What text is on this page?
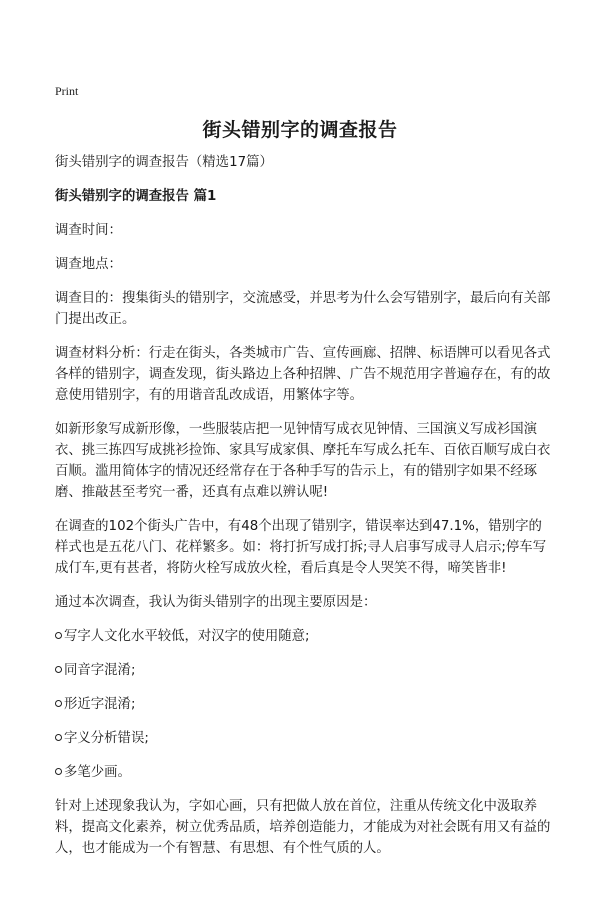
Print
街头错别字的调查报告

街头错别字的调查报告（精选17篇）

街头错别字的调查报告 篇1

调查时间：

调查地点：

调查目的：搜集街头的错别字，交流感受，并思考为什么会写错别字，最后向有关部门提出改正。

调查材料分析：行走在街头，各类城市广告、宣传画廊、招牌、标语牌可以看见各式各样的错别字，调查发现，街头路边上各种招牌、广告不规范用字普遍存在，有的故意使用错别字，有的用谐音乱改成语，用繁体字等。

如新形象写成新形像，一些服装店把一见钟情写成衣见钟情、三国演义写成衫国演衣、挑三拣四写成挑衫捡饰、家具写成家俱、摩托车写成么托车、百依百顺写成白衣百顺。滥用简体字的情况还经常存在于各种手写的告示上，有的错别字如果不经琢磨、推敲甚至考究一番，还真有点难以辨认呢!

在调查的102个街头广告中，有48个出现了错别字，错误率达到47.1%，错别字的样式也是五花八门、花样繁多。如：将打折写成打拆;寻人启事写成寻人启示;停车写成仃车,更有甚者，将防火栓写成放火栓，看后真是令人哭笑不得，啼笑皆非!

通过本次调查，我认为街头错别字的出现主要原因是：

写字人文化水平较低，对汉字的使用随意;

同音字混淆;

形近字混淆;

字义分析错误;

多笔少画。

针对上述现象我认为，字如心画，只有把做人放在首位，注重从传统文化中汲取养料，提高文化素养，树立优秀品质，培养创造能力，才能成为对社会既有用又有益的人，也才能成为一个有智慧、有思想、有个性气质的人。
